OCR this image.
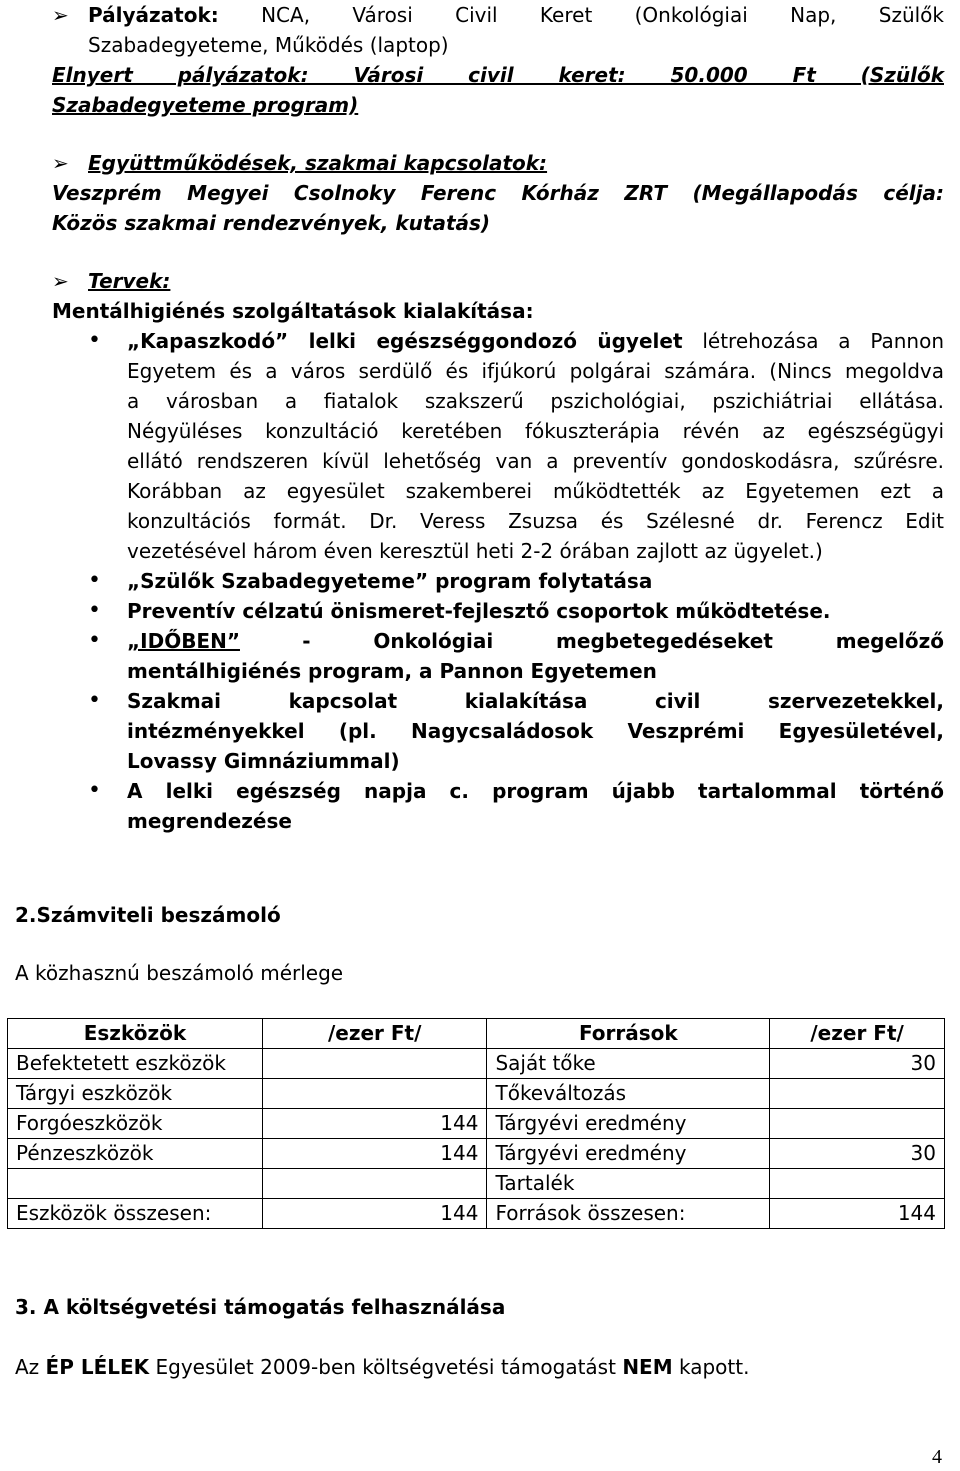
➢ Pályázatok: NCA, Városi Civil Keret (Onkológiai Nap, Szülők
Szabadegyeteme, Működés (laptop)
Elnyert pályázatok: Városi civil keret: 50.000 Ft (Szülők
Szabadegyeteme program)
➢ Együttműködések, szakmai kapcsolatok:
Veszprém Megyei Csolnoky Ferenc Kórház ZRT (Megállapodás célja:
Közös szakmai rendezvények, kutatás)
➢ Tervek:
Mentálhigiénés szolgáltatások kialakítása:
• „Kapaszkodó” lelki egészséggondozó ügyelet létrehozása a Pannon
Egyetem és a város serdülő és ifjúkorú polgárai számára. (Nincs megoldva
a városban a fiatalok szakszerű pszichológiai, pszichiátriai ellátása.
Négyüléses konzultáció keretében fókuszterápia révén az egészségügyi
ellátó rendszeren kívül lehetőség van a preventív gondoskodásra, szűrésre.
Korábban az egyesület szakemberei működtették az Egyetemen ezt a
konzultációs formát. Dr. Veress Zsuzsa és Szélesné dr. Ferencz Edit
vezetésével három éven keresztül heti 2-2 órában zajlott az ügyelet.)
• „Szülők Szabadegyeteme” program folytatása
• Preventív célzatú önismeret-fejlesztő csoportok működtetése.
• „IDŐBEN”	- Onkológiai megbetegedéseket megelőző
mentálhigiénés program, a Pannon Egyetemen
• Szakmai kapcsolat kialakítása civil szervezetekkel,
intézményekkel (pl. Nagycsaládosok Veszprémi Egyesületével,
Lovassy Gimnáziummal)
• A lelki egészség napja c. program újabb tartalommal történő
megrendezése
2.Számviteli beszámoló
A közhasznú beszámoló mérlege
Eszközök	/ezer Ft/	Források	/ezer Ft/
Befektetett eszközök		Saját tőke	30
Tárgyi eszközök		Tőkeváltozás	
Forgóeszközök	144	Tárgyévi eredmény	
Pénzeszközök	144	Tárgyévi eredmény	30
		Tartalék	
Eszközök összesen:	144	Források összesen:	144
3. A költségvetési támogatás felhasználása
Az ÉP LÉLEK Egyesület 2009-ben költségvetési támogatást NEM kapott.
4
